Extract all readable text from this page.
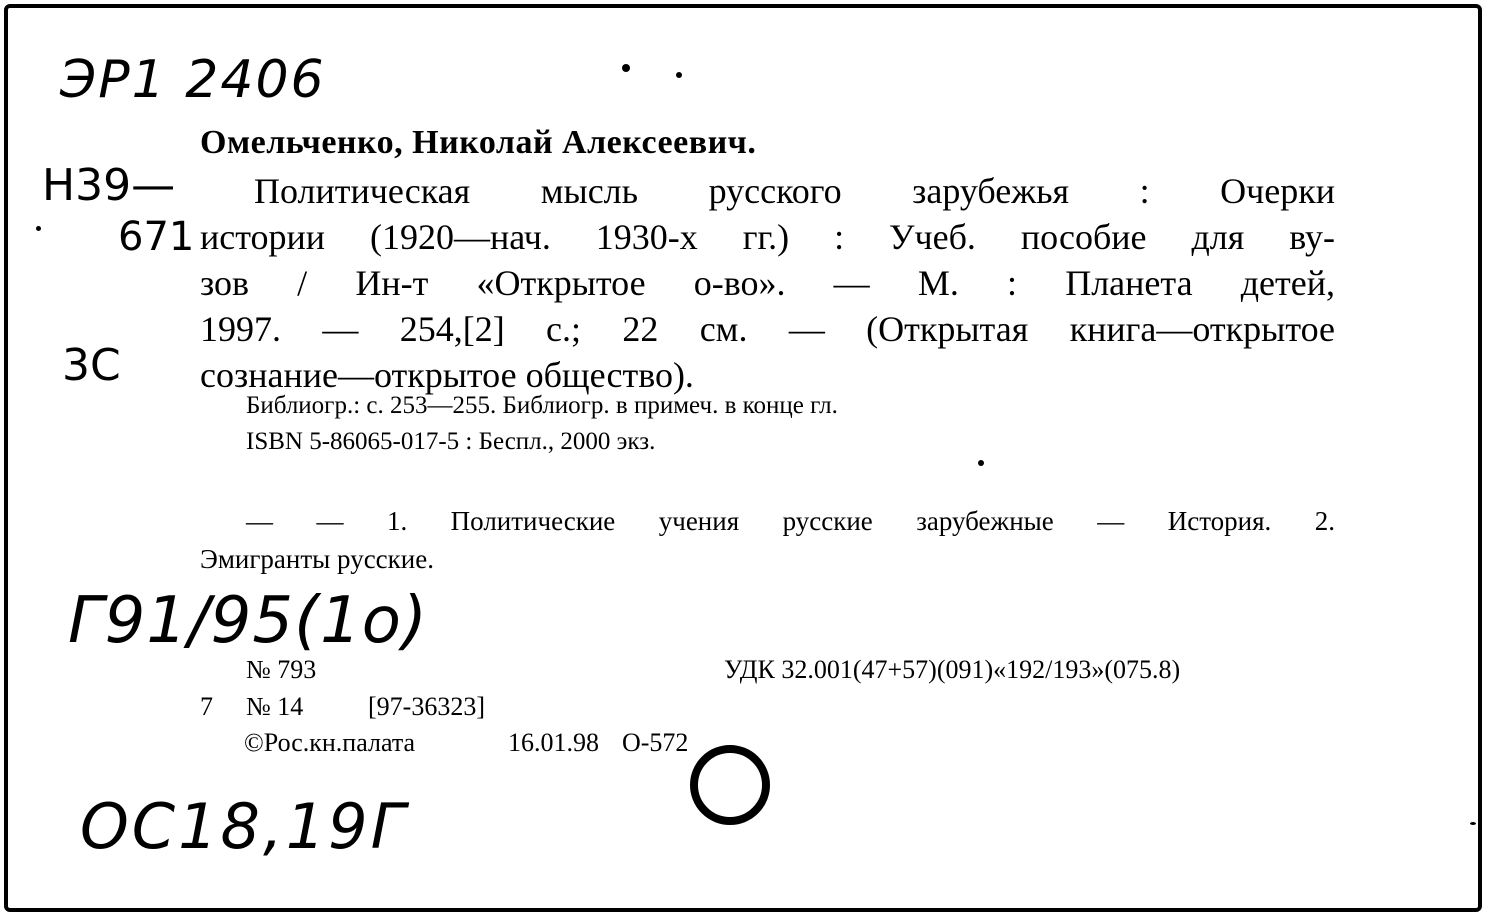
ЭР1 2406
Н39—
671
3С
Г91/95(1о)
ОС18,19Г
Омельченко, Николай Алексеевич.
Политическая мысль русского зарубежья : Очерки
истории (1920—нач. 1930-х гг.) : Учеб. пособие для ву-
зов / Ин-т «Открытое о-во». — М. : Планета детей,
1997. — 254,[2] с.; 22 см. — (Открытая книга—открытое
сознание—открытое общество).
Библиогр.: с. 253—255. Библиогр. в примеч. в конце гл.
ISBN 5-86065-017-5 : Беспл., 2000 экз.
— — 1. Политические учения русские зарубежные — История. 2.
Эмигранты русские.
№ 793	УДК 32.001(47+57)(091)«192/193»(075.8)
7 № 14 [97-36323]
©Рос.кн.палата	16.01.98 О-572
